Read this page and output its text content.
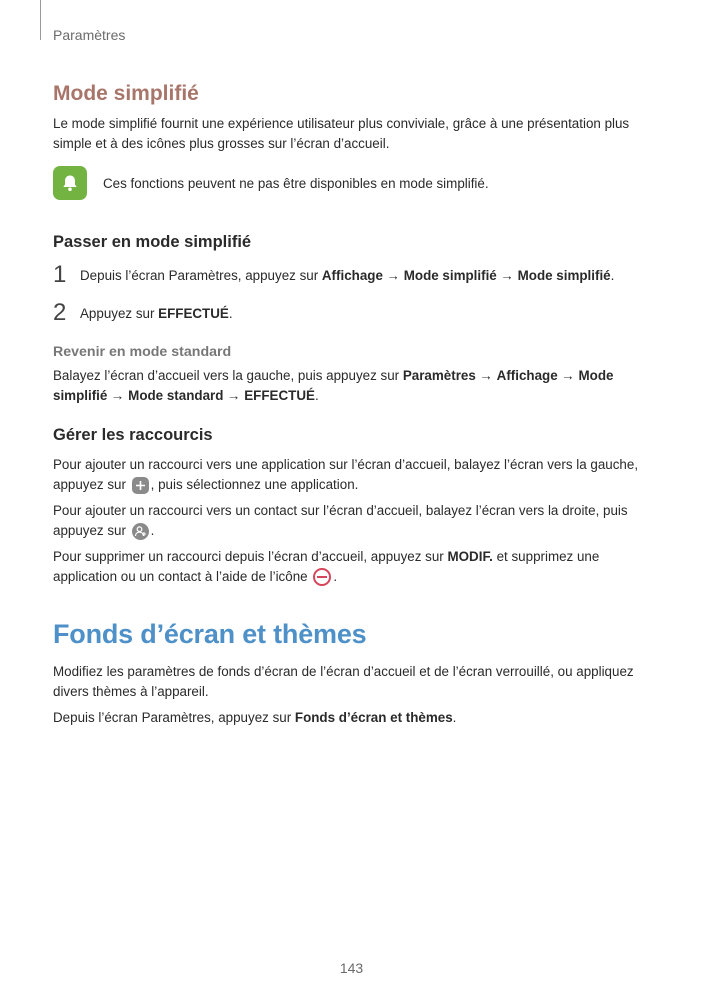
Paramètres
Mode simplifié

Le mode simplifié fournit une expérience utilisateur plus conviviale, grâce à une présentation plus simple et à des icônes plus grosses sur l’écran d’accueil.

Ces fonctions peuvent ne pas être disponibles en mode simplifié.
Passer en mode simplifié
1	Depuis l’écran Paramètres, appuyez sur Affichage → Mode simplifié → Mode simplifié.
2	Appuyez sur EFFECTUÉ.
Revenir en mode standard

Balayez l’écran d’accueil vers la gauche, puis appuyez sur Paramètres → Affichage → Mode simplifié → Mode standard → EFFECTUÉ.

Gérer les raccourcis

Pour ajouter un raccourci vers une application sur l’écran d’accueil, balayez l’écran vers la gauche, appuyez sur
, puis sélectionnez une application.

Pour ajouter un raccourci vers un contact sur l’écran d’accueil, balayez l’écran vers la droite, puis appuyez sur
.

Pour supprimer un raccourci depuis l’écran d’accueil, appuyez sur MODIF. et supprimez une application ou un contact à l’aide de l’icône
.

Fonds d’écran et thèmes

Modifiez les paramètres de fonds d’écran de l’écran d’accueil et de l’écran verrouillé, ou appliquez divers thèmes à l’appareil.

Depuis l’écran Paramètres, appuyez sur Fonds d’écran et thèmes.

143
